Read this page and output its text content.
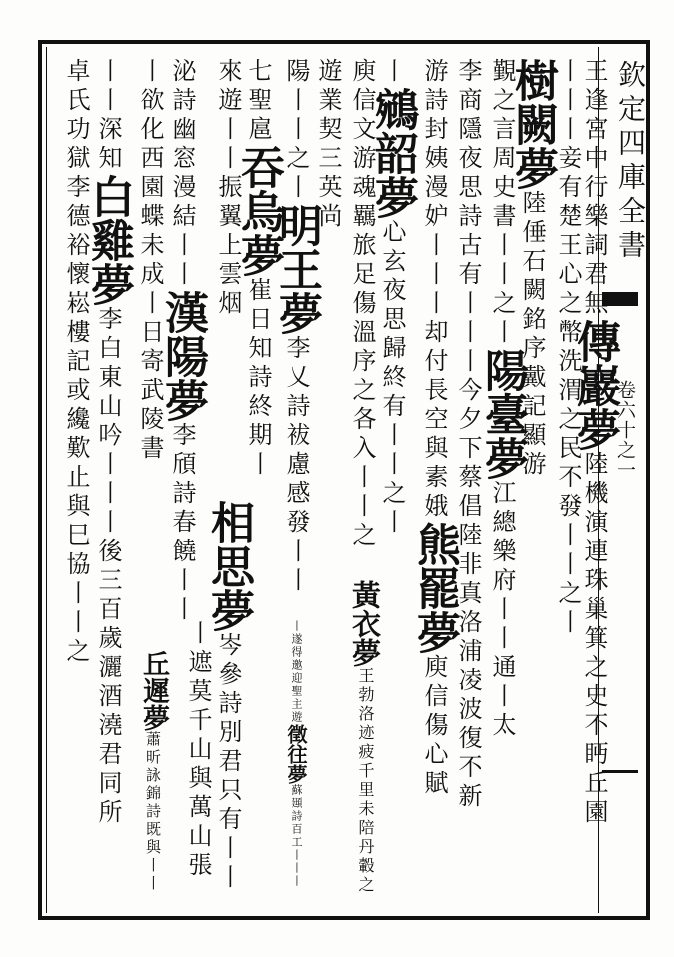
欽定四庫全書
卷六十之一
王逢宮中行樂詞君無傳巖夢陸機演連珠巢箕之史不眄丘園
丨丨丨妾有楚王心之幣洗渭之民不發丨丨之丨
樹闕夢陸倕石闕銘序戴記顯游
覲之言周史書丨丨之丨陽臺夢江總樂府丨丨通丨太
李商隱夜思詩古有丨丨丨今夕下蔡倡陸非真洛浦凌波復不新
游詩封姨漫妒丨丨丨却付長空與素娥熊罷夢庾信傷心賦
丨鵷韶夢心玄夜思歸終有丨丨之丨
庾信文游魂羈旅足傷溫序之各入丨丨之
遊業契三英尚
黃衣夢王勃洛迹疲千里未陪丹轂之
陽丨丨之丨明王夢李乂詩袚慮感發丨丨
丨遂得邀迎聖主遊徵往夢蘇頲詩百工丨丨丨
七聖扈吞烏夢崔日知詩終期丨
來遊丨丨振翼上雲烟
相思夢岑參詩別君只有丨丨
丨遮莫千山與萬山張
泌詩幽窓漫結丨丨漢陽夢李頎詩春饒丨丨
丨欲化西園蝶未成丨日寄武陵書
丘遲夢蕭昕詠錦詩既與丨丨
丨丨深知白雞夢李白東山吟丨丨丨後三百歲灑酒澆君同所
卓氏功獄李德裕懷崧樓記或纔歎止與巳協丨丨之
